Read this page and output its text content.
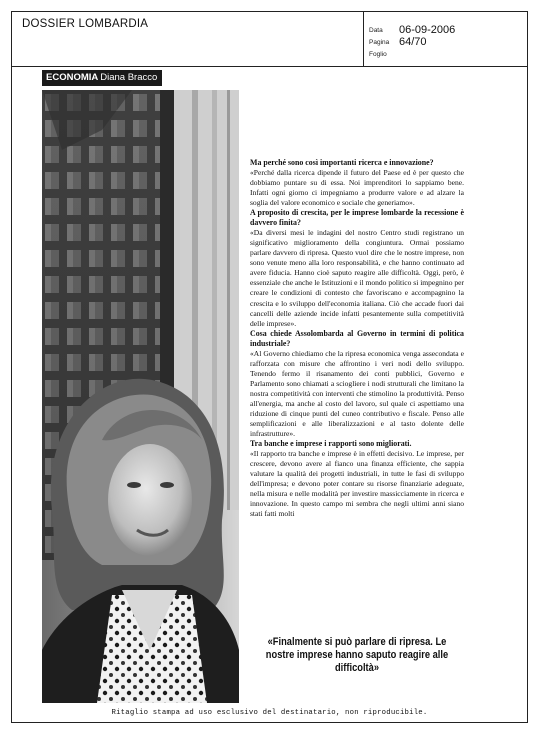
DOSSIER LOMBARDIA
Data 06-09-2006
Pagina 64/70
Foglio
ECONOMIA Diana Bracco

Ma perché sono così importanti ricerca e innovazione?

«Perché dalla ricerca dipende il futuro del Paese ed è per questo che dobbiamo puntare su di essa. Noi imprenditori lo sappiamo bene. Infatti ogni giorno ci impegniamo a produrre valore e ad alzare la soglia del valore economico e sociale che generiamo».

A proposito di crescita, per le imprese lombarde la recessione è davvero finita?

«Da diversi mesi le indagini del nostro Centro studi registrano un significativo miglioramento della congiuntura. Ormai possiamo parlare davvero di ripresa. Questo vuol dire che le nostre imprese, non sono venute meno alla loro responsabilità, e che hanno continuato ad avere fiducia. Hanno cioè saputo reagire alle difficoltà. Oggi, però, è essenziale che anche le Istituzioni e il mondo politico si impegnino per creare le condizioni di contesto che favoriscano e accompagnino la crescita e lo sviluppo dell'economia italiana. Ciò che accade fuori dai cancelli delle aziende incide infatti pesantemente sulla competitività delle imprese».

Cosa chiede Assolombarda al Governo in termini di politica industriale?

«Al Governo chiediamo che la ripresa economica venga assecondata e rafforzata con misure che affrontino i veri nodi dello sviluppo. Tenendo fermo il risanamento dei conti pubblici, Governo e Parlamento sono chiamati a sciogliere i nodi strutturali che limitano la nostra competitività con interventi che stimolino la produttività. Penso all'energia, ma anche al costo del lavoro, sul quale ci aspettiamo una riduzione di cinque punti del cuneo contributivo e fiscale. Penso alle semplificazioni e alle liberalizzazioni e al tasto dolente delle infrastrutture».

Tra banche e imprese i rapporti sono migliorati.

«Il rapporto tra banche e imprese è in effetti decisivo. Le imprese, per crescere, devono avere al fianco una finanza efficiente, che sappia valutare la qualità dei progetti industriali, in tutte le fasi di sviluppo dell'impresa; e devono poter contare su risorse finanziarie adeguate, nella misura e nelle modalità per investire massicciamente in ricerca e innovazione. In questo campo mi sembra che negli ultimi anni siano stati fatti molti

«Finalmente si può parlare di ripresa. Le nostre imprese hanno saputo reagire alle difficoltà»
Ritaglio stampa ad uso esclusivo del destinatario, non riproducibile.
